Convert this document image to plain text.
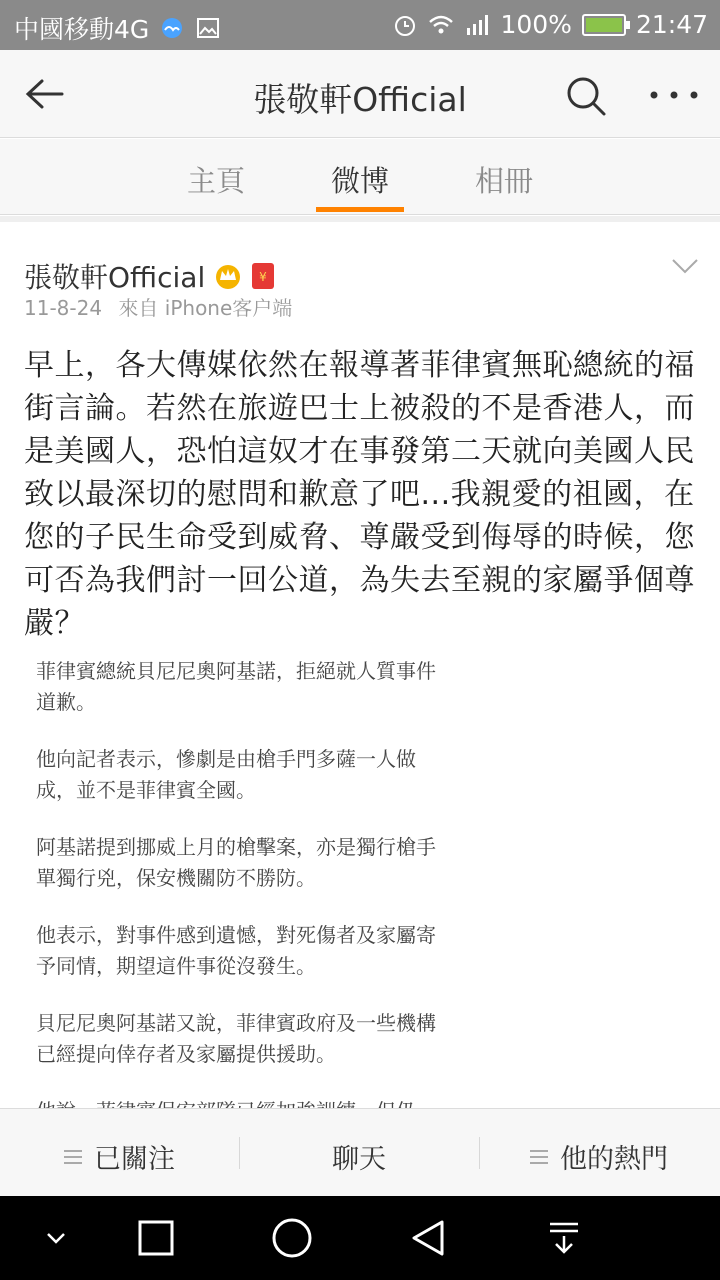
中國移動4G	100%	21:47
張敬軒Official
主頁	微博	相冊
張敬軒Official	¥
11-8-24 來自 iPhone客户端
早上，各大傳媒依然在報導著菲律賓無恥總統的福街言論。若然在旅遊巴士上被殺的不是香港人，而是美國人，恐怕這奴才在事發第二天就向美國人民致以最深切的慰問和歉意了吧...我親愛的祖國，在您的子民生命受到威脅、尊嚴受到侮辱的時候，您可否為我們討一回公道，為失去至親的家屬爭個尊嚴？

菲律賓總統貝尼尼奧阿基諾，拒絕就人質事件道歉。

他向記者表示，慘劇是由槍手門多薩一人做成，並不是菲律賓全國。

阿基諾提到挪威上月的槍擊案，亦是獨行槍手單獨行兇，保安機關防不勝防。

他表示，對事件感到遺憾，對死傷者及家屬寄予同情，期望這件事從沒發生。

貝尼尼奧阿基諾又說，菲律賓政府及一些機構已經提向倖存者及家屬提供援助。

已關注	聊天	他的熱門
